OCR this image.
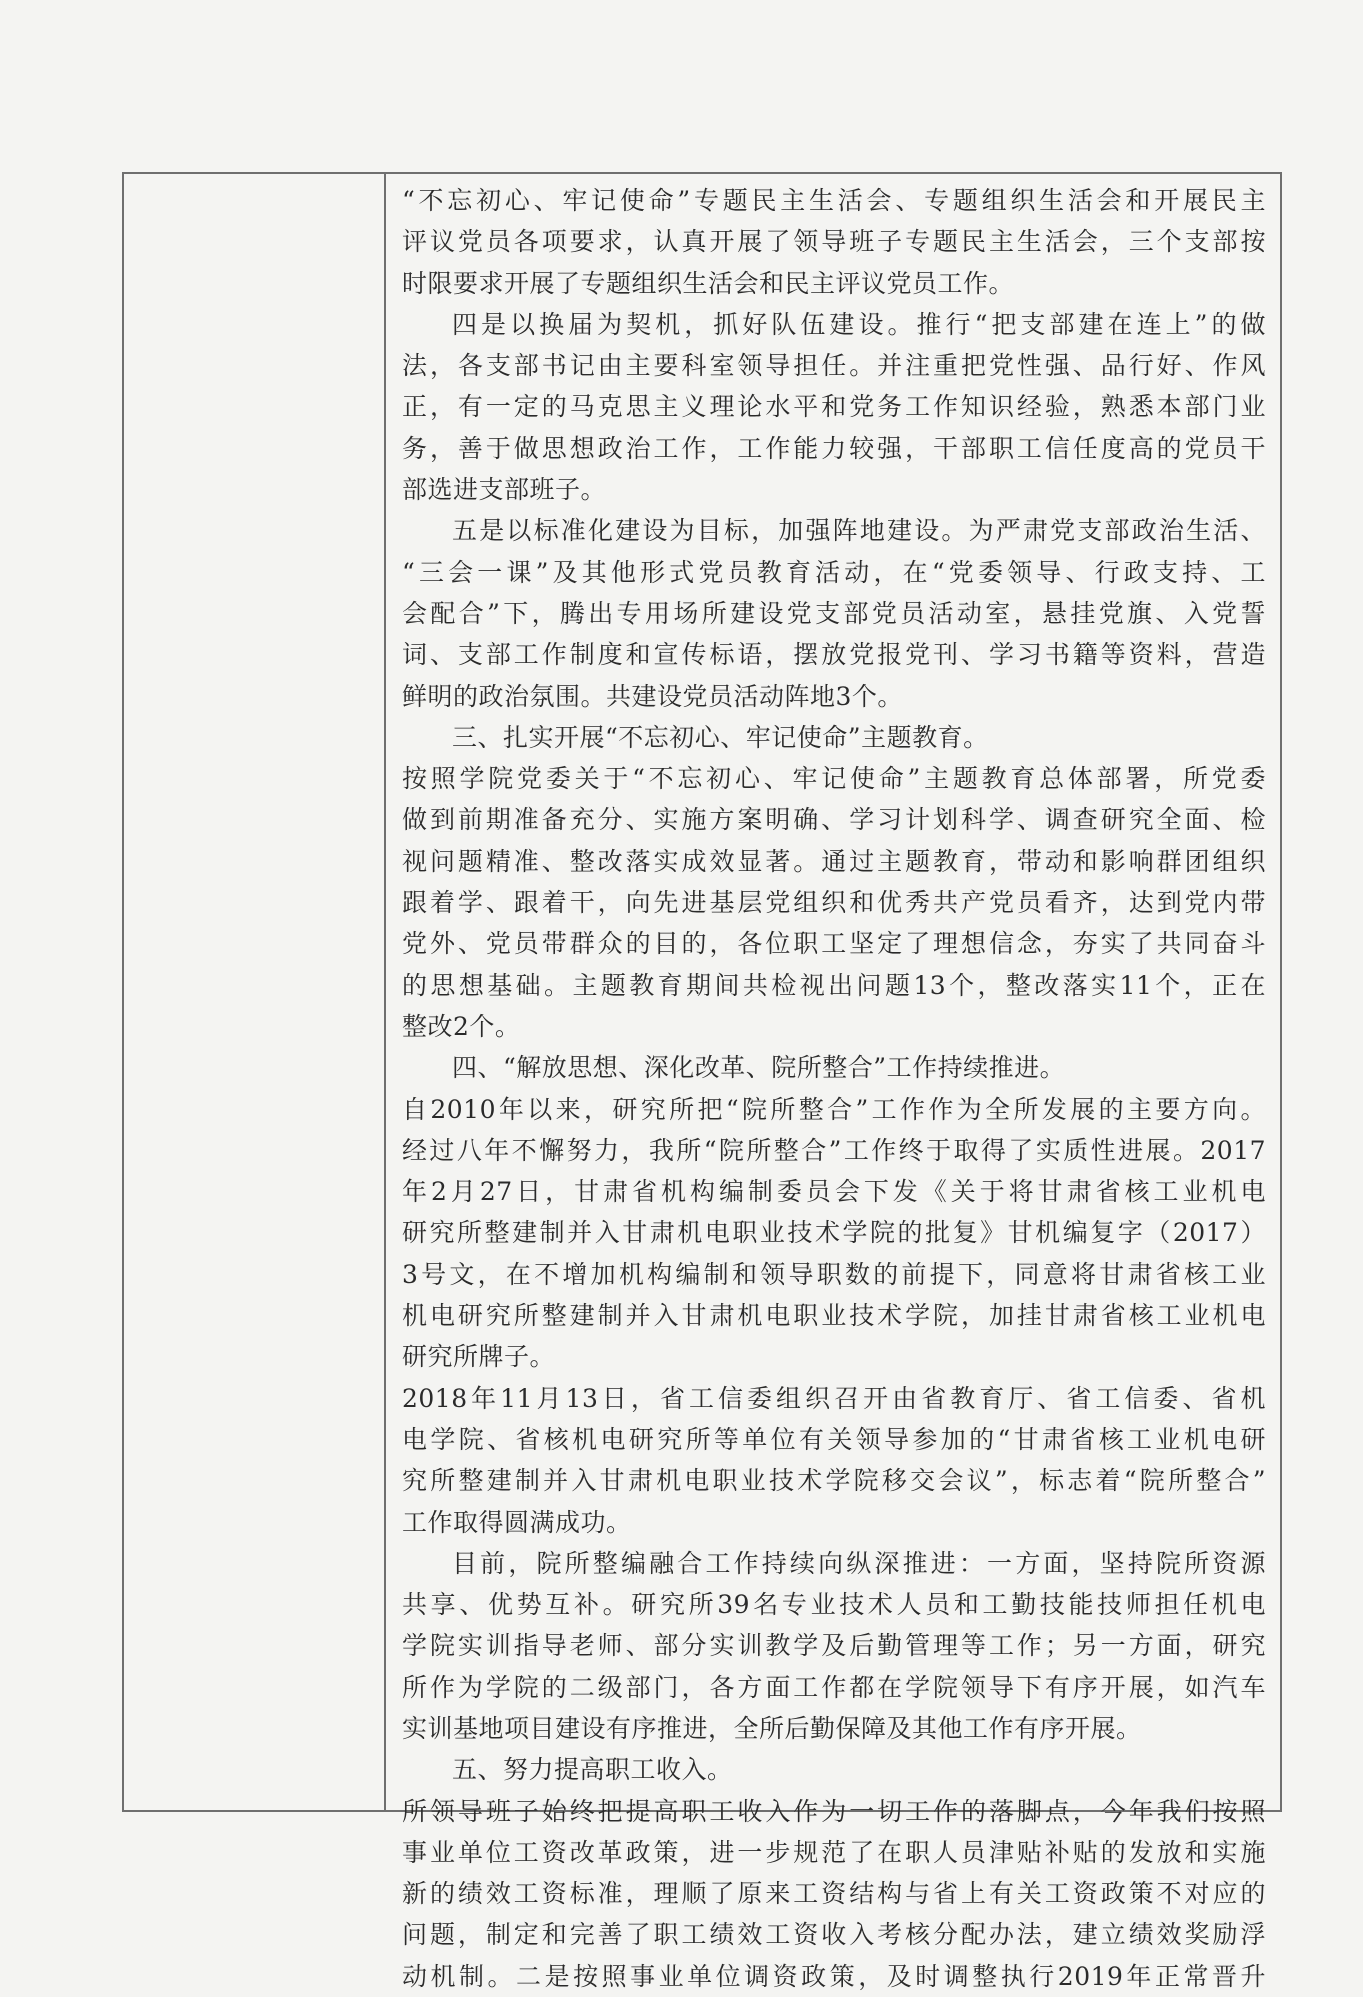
“不忘初心、牢记使命”专题民主生活会、专题组织生活会和开展民主
评议党员各项要求，认真开展了领导班子专题民主生活会，三个支部按
时限要求开展了专题组织生活会和民主评议党员工作。
四是以换届为契机，抓好队伍建设。推行“把支部建在连上”的做
法，各支部书记由主要科室领导担任。并注重把党性强、品行好、作风
正，有一定的马克思主义理论水平和党务工作知识经验，熟悉本部门业
务，善于做思想政治工作，工作能力较强，干部职工信任度高的党员干
部选进支部班子。
五是以标准化建设为目标，加强阵地建设。为严肃党支部政治生活、
“三会一课”及其他形式党员教育活动，在“党委领导、行政支持、工
会配合”下，腾出专用场所建设党支部党员活动室，悬挂党旗、入党誓
词、支部工作制度和宣传标语，摆放党报党刊、学习书籍等资料，营造
鲜明的政治氛围。共建设党员活动阵地3个。
三、扎实开展“不忘初心、牢记使命”主题教育。
按照学院党委关于“不忘初心、牢记使命”主题教育总体部署，所党委
做到前期准备充分、实施方案明确、学习计划科学、调查研究全面、检
视问题精准、整改落实成效显著。通过主题教育，带动和影响群团组织
跟着学、跟着干，向先进基层党组织和优秀共产党员看齐，达到党内带
党外、党员带群众的目的，各位职工坚定了理想信念，夯实了共同奋斗
的思想基础。主题教育期间共检视出问题13个，整改落实11个，正在
整改2个。
四、“解放思想、深化改革、院所整合”工作持续推进。
自2010年以来，研究所把“院所整合”工作作为全所发展的主要方向。
经过八年不懈努力，我所“院所整合”工作终于取得了实质性进展。2017
年2月27日，甘肃省机构编制委员会下发《关于将甘肃省核工业机电
研究所整建制并入甘肃机电职业技术学院的批复》甘机编复字（2017）
3号文，在不增加机构编制和领导职数的前提下，同意将甘肃省核工业
机电研究所整建制并入甘肃机电职业技术学院，加挂甘肃省核工业机电
研究所牌子。
2018年11月13日，省工信委组织召开由省教育厅、省工信委、省机
电学院、省核机电研究所等单位有关领导参加的“甘肃省核工业机电研
究所整建制并入甘肃机电职业技术学院移交会议”，标志着“院所整合”
工作取得圆满成功。
目前，院所整编融合工作持续向纵深推进：一方面，坚持院所资源
共享、优势互补。研究所39名专业技术人员和工勤技能技师担任机电
学院实训指导老师、部分实训教学及后勤管理等工作；另一方面，研究
所作为学院的二级部门，各方面工作都在学院领导下有序开展，如汽车
实训基地项目建设有序推进，全所后勤保障及其他工作有序开展。
五、努力提高职工收入。
所领导班子始终把提高职工收入作为一切工作的落脚点，今年我们按照
事业单位工资改革政策，进一步规范了在职人员津贴补贴的发放和实施
新的绩效工资标准，理顺了原来工资结构与省上有关工资政策不对应的
问题，制定和完善了职工绩效工资收入考核分配办法，建立绩效奖励浮
动机制。二是按照事业单位调资政策，及时调整执行2019年正常晋升
